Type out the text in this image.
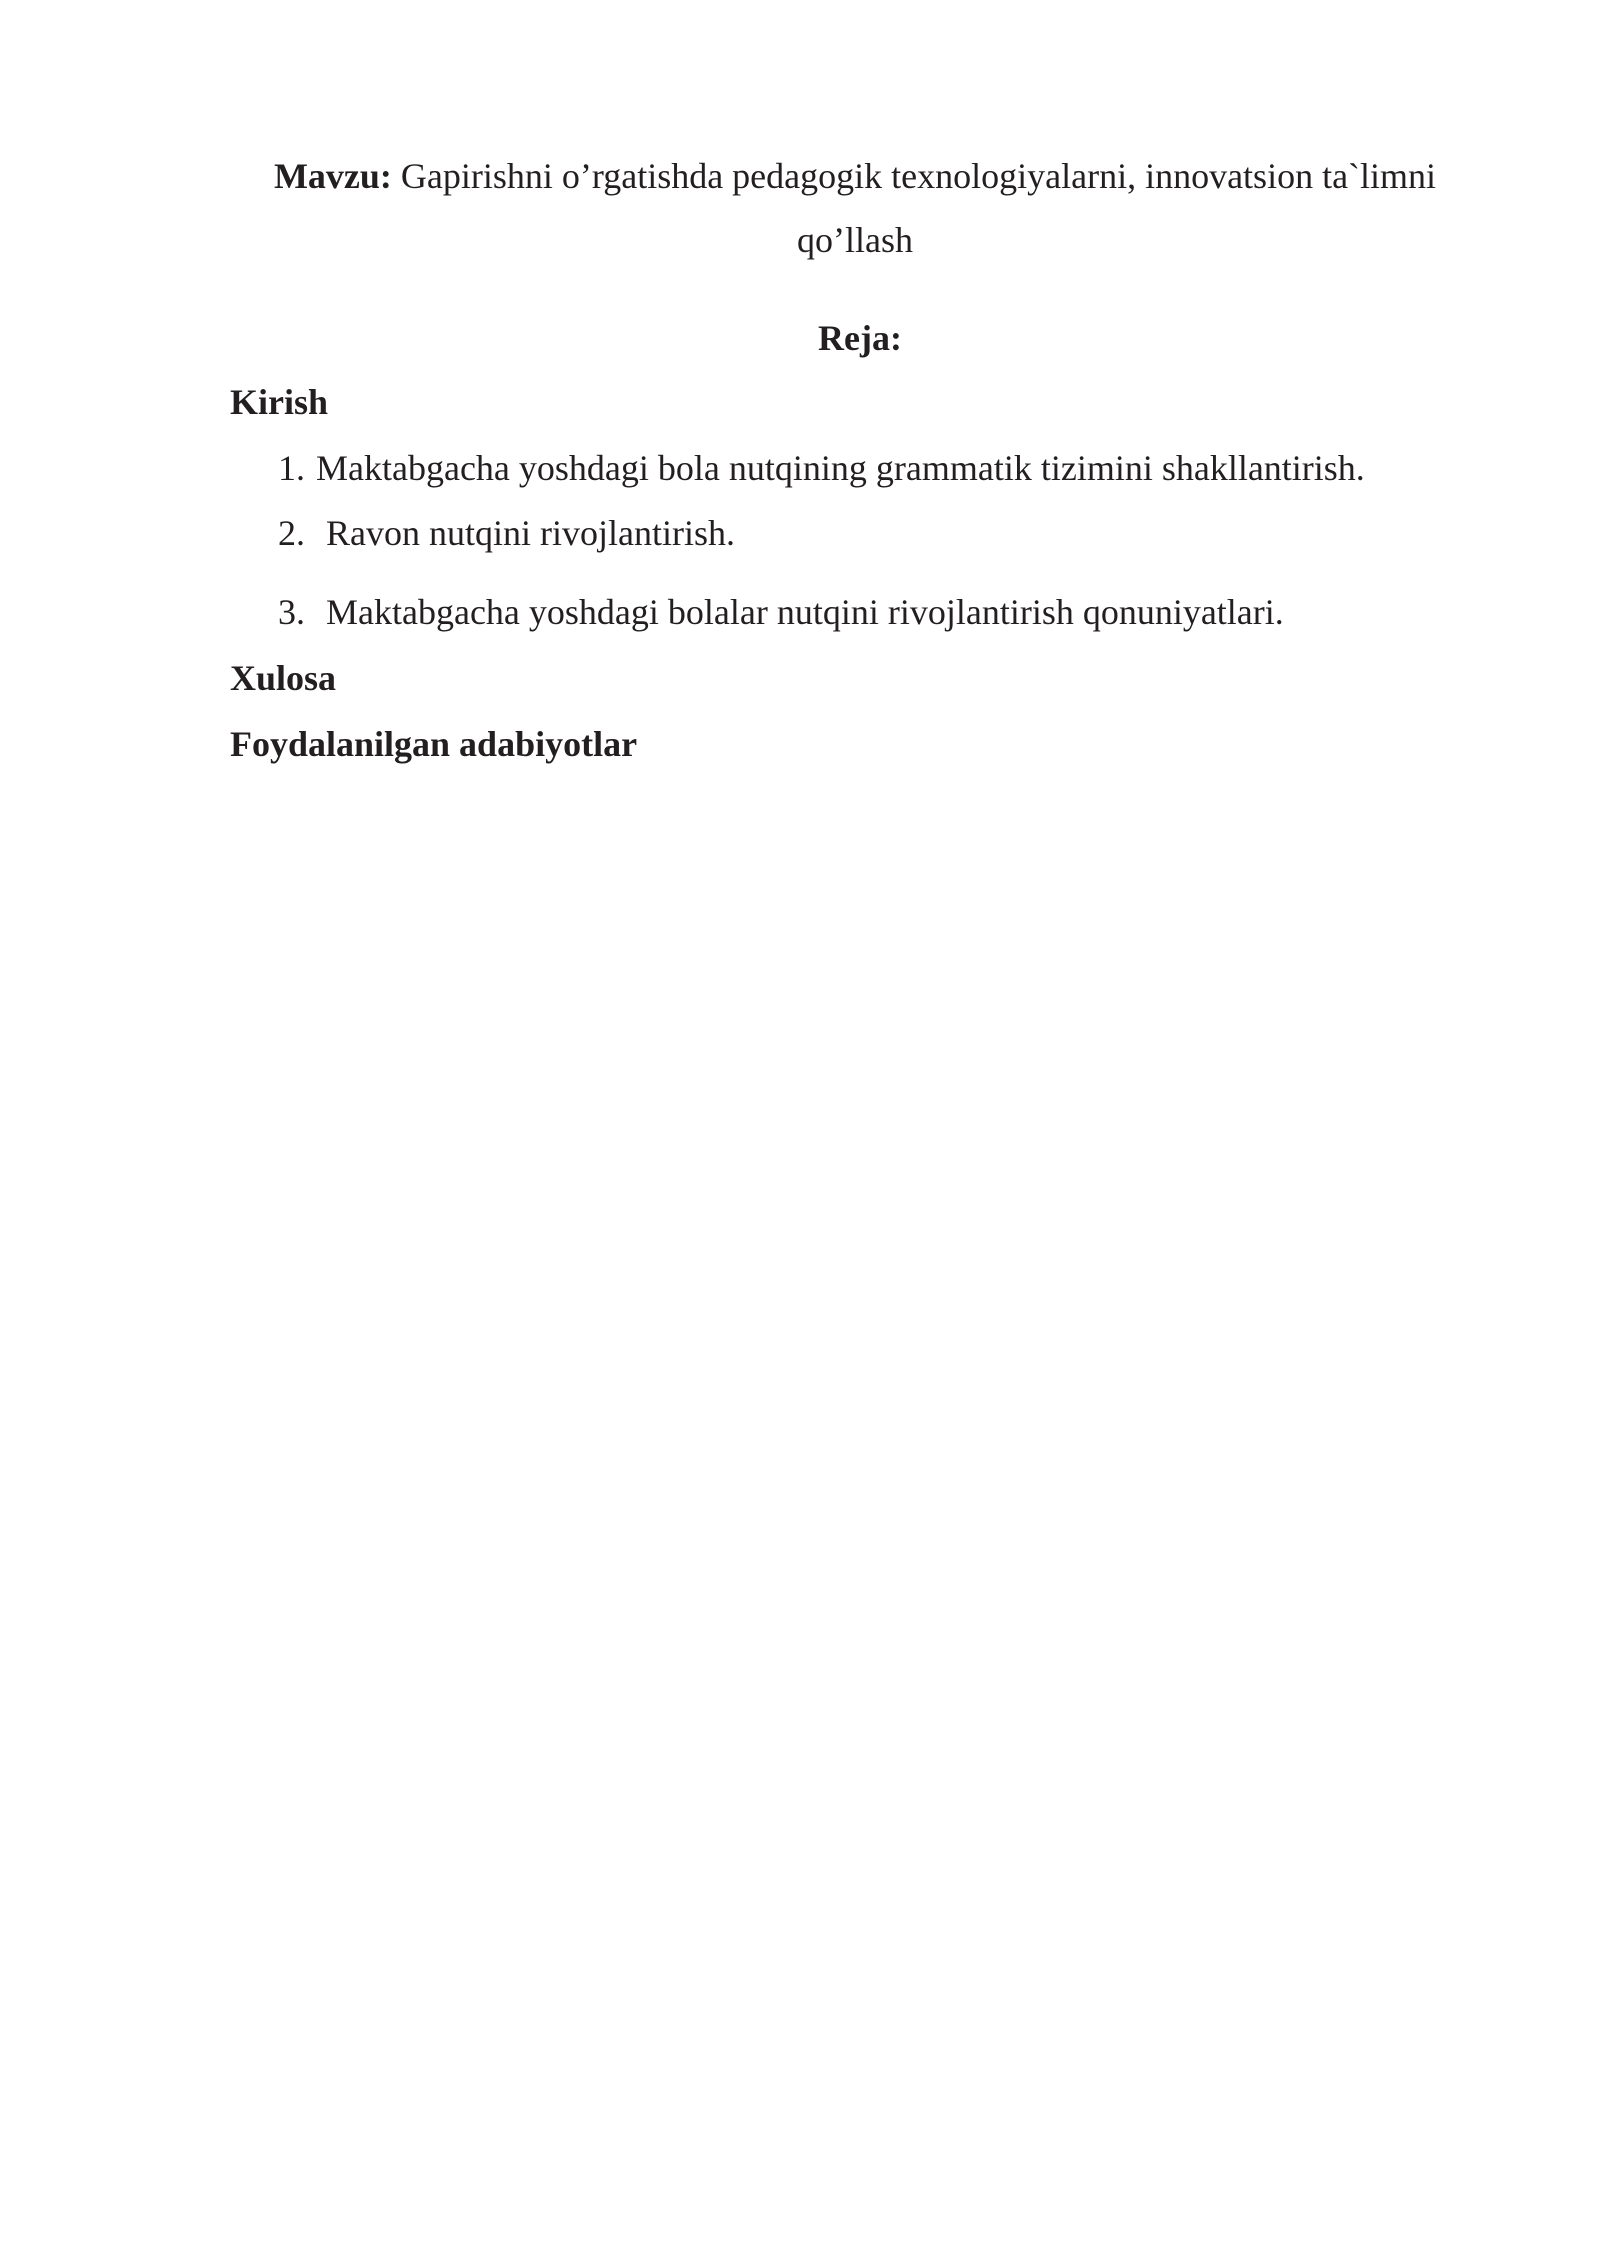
Mavzu: Gapirishni o’rgatishda pedagogik texnologiyalarni, innovatsion ta`limni qo’llash
Reja:
Kirish
1. Maktabgacha yoshdagi bola nutqining grammatik tizimini shakllantirish.
2. Ravon nutqini rivojlantirish.
3. Maktabgacha yoshdagi bolalar nutqini rivojlantirish qonuniyatlari.
Xulosa
Foydalanilgan adabiyotlar
